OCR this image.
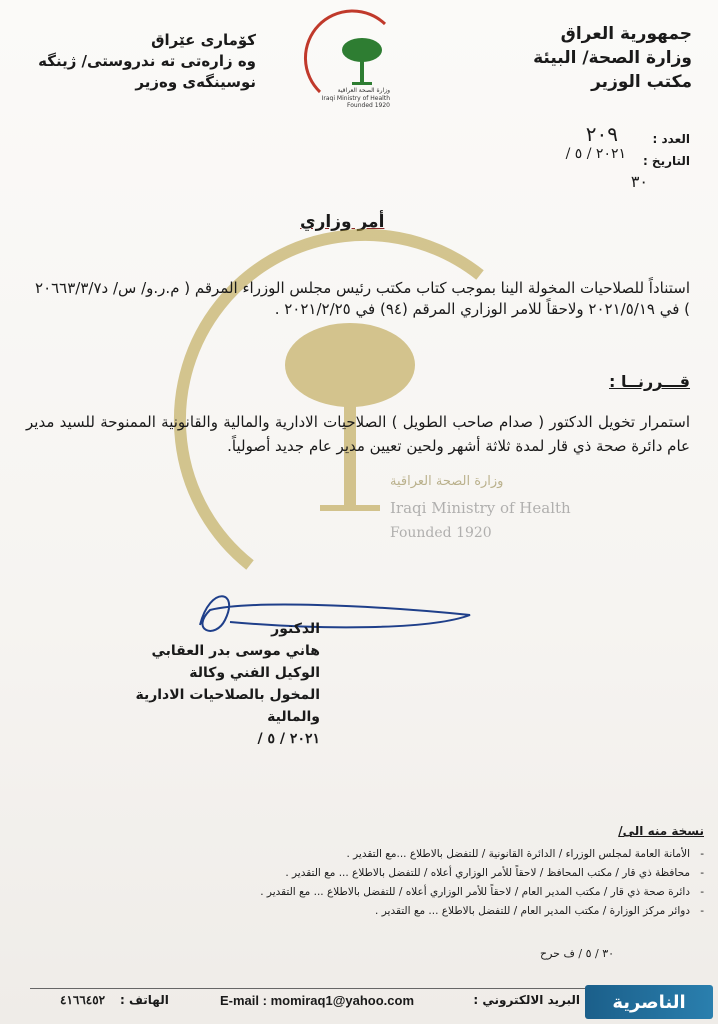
جمهورية العراق
وزارة الصحة/ البيئة
مكتب الوزير
كۆماری عێراق
وه زارەتی ته ندروستی/ ژینگه
نوسینگەی وەزیر	وزارة الصحة العراقية
Iraqi Ministry of Health
Founded 1920
العدد :
٢٠٩
التاريخ :
٢٠٢١ / ٥ /
٣٠
أمر وزاري
وزارة الصحة العراقية
Iraqi Ministry of Health
Founded 1920
استناداً للصلاحيات المخولة الينا بموجب كتاب مكتب رئيس مجلس الوزراء المرقم ( م.ر.و/ س/ د٢٠٦٦٣/٣/٧ ) في ٢٠٢١/٥/١٩ ولاحقاً للامر الوزاري المرقم (٩٤) في ٢٠٢١/٢/٢٥ .
قـــررنــا :
استمرار تخويل الدكتور ( صدام صاحب الطويل ) الصلاحيات الادارية والمالية والقانونية الممنوحة للسيد مدير عام دائرة صحة ذي قار لمدة ثلاثة أشهر ولحين تعيين مدير عام جديد أصولياً.
الدكتور
هاني موسى بدر العقابي
الوكيل الفني وكالة
المخول بالصلاحيات الادارية والمالية
٢٠٢١ / ٥ /
نسخة منه الى/
- الأمانة العامة لمجلس الوزراء / الدائرة القانونية / للتفضل بالاطلاع ...مع التقدير .
- محافظة ذي قار / مكتب المحافظ / لاحقاً للأمر الوزاري أعلاه / للتفضل بالاطلاع ... مع التقدير .
- دائرة صحة ذي قار / مكتب المدير العام / لاحقاً للأمر الوزاري أعلاه / للتفضل بالاطلاع ... مع التقدير .
- دوائر مركز الوزارة / مكتب المدير العام / للتفضل بالاطلاع ... مع التقدير .
٣٠ / ٥ / ف حرح
البريد الالكتروني :
E-mail : momiraq1@yahoo.com
الهاتف :
٤١٦٦٤٥٢	الناصرية
